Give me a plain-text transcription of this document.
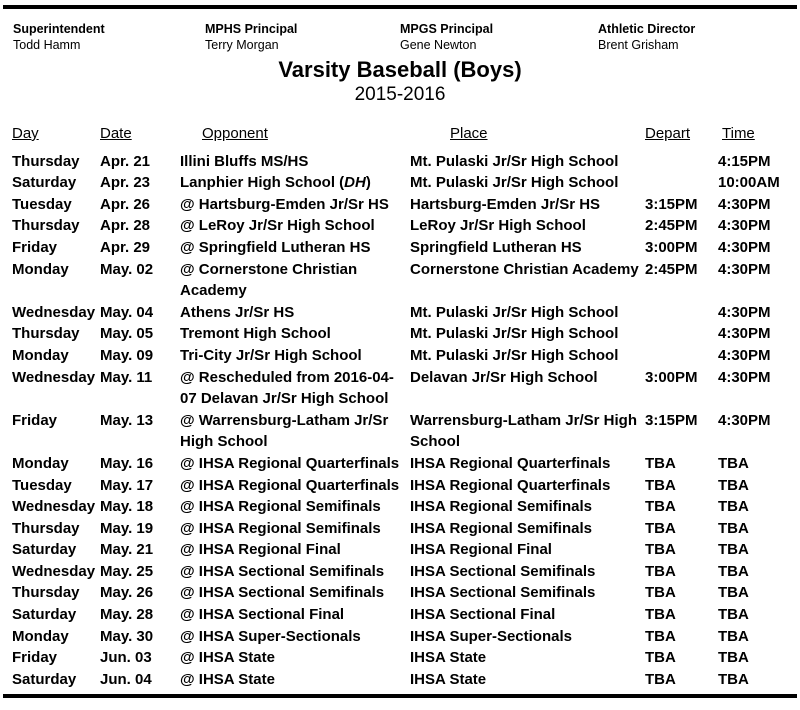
Superintendent
Todd Hamm
MPHS Principal
Terry Morgan
MPGS Principal
Gene Newton
Athletic Director
Brent Grisham
Varsity Baseball (Boys)
2015-2016
Day	Date	Opponent	Place	Depart	Time
Thursday	Apr. 21	Illini Bluffs MS/HS	Mt. Pulaski Jr/Sr High School		4:15PM
Saturday	Apr. 23	Lanphier High School (DH)	Mt. Pulaski Jr/Sr High School		10:00AM
Tuesday	Apr. 26	@ Hartsburg-Emden Jr/Sr HS	Hartsburg-Emden Jr/Sr HS	3:15PM	4:30PM
Thursday	Apr. 28	@ LeRoy Jr/Sr High School	LeRoy Jr/Sr High School	2:45PM	4:30PM
Friday	Apr. 29	@ Springfield Lutheran HS	Springfield Lutheran HS	3:00PM	4:30PM
Monday	May. 02	@ Cornerstone Christian Academy	Cornerstone Christian Academy	2:45PM	4:30PM
Wednesday	May. 04	Athens Jr/Sr HS	Mt. Pulaski Jr/Sr High School		4:30PM
Thursday	May. 05	Tremont High School	Mt. Pulaski Jr/Sr High School		4:30PM
Monday	May. 09	Tri-City Jr/Sr High School	Mt. Pulaski Jr/Sr High School		4:30PM
Wednesday	May. 11	@ Rescheduled from 2016-04-07 Delavan Jr/Sr High School	Delavan Jr/Sr High School	3:00PM	4:30PM
Friday	May. 13	@ Warrensburg-Latham Jr/Sr High School	Warrensburg-Latham Jr/Sr High School	3:15PM	4:30PM
Monday	May. 16	@ IHSA Regional Quarterfinals	IHSA Regional Quarterfinals	TBA	TBA
Tuesday	May. 17	@ IHSA Regional Quarterfinals	IHSA Regional Quarterfinals	TBA	TBA
Wednesday	May. 18	@ IHSA Regional Semifinals	IHSA Regional Semifinals	TBA	TBA
Thursday	May. 19	@ IHSA Regional Semifinals	IHSA Regional Semifinals	TBA	TBA
Saturday	May. 21	@ IHSA Regional Final	IHSA Regional Final	TBA	TBA
Wednesday	May. 25	@ IHSA Sectional Semifinals	IHSA Sectional Semifinals	TBA	TBA
Thursday	May. 26	@ IHSA Sectional Semifinals	IHSA Sectional Semifinals	TBA	TBA
Saturday	May. 28	@ IHSA Sectional Final	IHSA Sectional Final	TBA	TBA
Monday	May. 30	@ IHSA Super-Sectionals	IHSA Super-Sectionals	TBA	TBA
Friday	Jun. 03	@ IHSA State	IHSA State	TBA	TBA
Saturday	Jun. 04	@ IHSA State	IHSA State	TBA	TBA
